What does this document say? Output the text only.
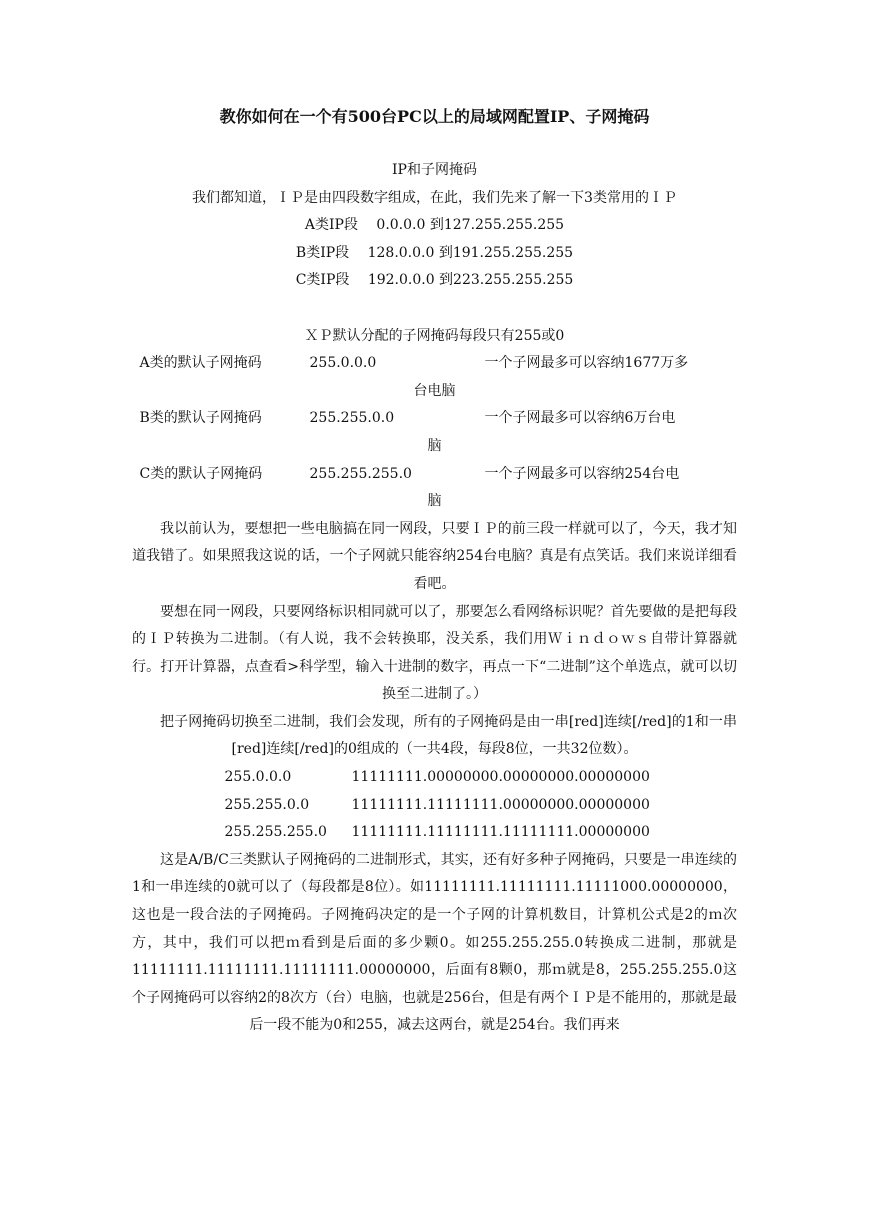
教你如何在一个有500台PC以上的局域网配置IP、子网掩码

IP和子网掩码

我们都知道，ＩＰ是由四段数字组成，在此，我们先来了解一下3类常用的ＩＰ

A类IP段　 0.0.0.0 到127.255.255.255

B类IP段　 128.0.0.0 到191.255.255.255

C类IP段　 192.0.0.0 到223.255.255.255

ＸＰ默认分配的子网掩码每段只有255或0

A类的默认子网掩码	255.0.0.0	一个子网最多可以容纳1677万多

台电脑

B类的默认子网掩码	255.255.0.0	一个子网最多可以容纳6万台电

脑

C类的默认子网掩码	255.255.255.0	一个子网最多可以容纳254台电

脑

我以前认为，要想把一些电脑搞在同一网段，只要ＩＰ的前三段一样就可以了，今天，我才知道我错了。如果照我这说的话，一个子网就只能容纳254台电脑？真是有点笑话。我们来说详细看看吧。

要想在同一网段，只要网络标识相同就可以了，那要怎么看网络标识呢？首先要做的是把每段的ＩＰ转换为二进制。（有人说，我不会转换耶，没关系，我们用Ｗｉｎｄｏｗｓ自带计算器就行。打开计算器，点查看>科学型，输入十进制的数字，再点一下“二进制”这个单选点，就可以切换至二进制了。）

把子网掩码切换至二进制，我们会发现，所有的子网掩码是由一串[red]连续[/red]的1和一串[red]连续[/red]的0组成的（一共4段，每段8位，一共32位数）。

255.0.0.0	11111111.00000000.00000000.00000000
255.255.0.0	11111111.11111111.00000000.00000000
255.255.255.0	11111111.11111111.11111111.00000000

这是A/B/C三类默认子网掩码的二进制形式，其实，还有好多种子网掩码，只要是一串连续的1和一串连续的0就可以了（每段都是8位）。如11111111.11111111.11111000.00000000，这也是一段合法的子网掩码。子网掩码决定的是一个子网的计算机数目，计算机公式是2的ｍ次方，其中，我们可以把ｍ看到是后面的多少颗0。如255.255.255.0转换成二进制，那就是11111111.11111111.11111111.00000000，后面有8颗0，那ｍ就是8，255.255.255.0这个子网掩码可以容纳2的8次方（台）电脑，也就是256台，但是有两个ＩＰ是不能用的，那就是最后一段不能为0和255，减去这两台，就是254台。我们再来
